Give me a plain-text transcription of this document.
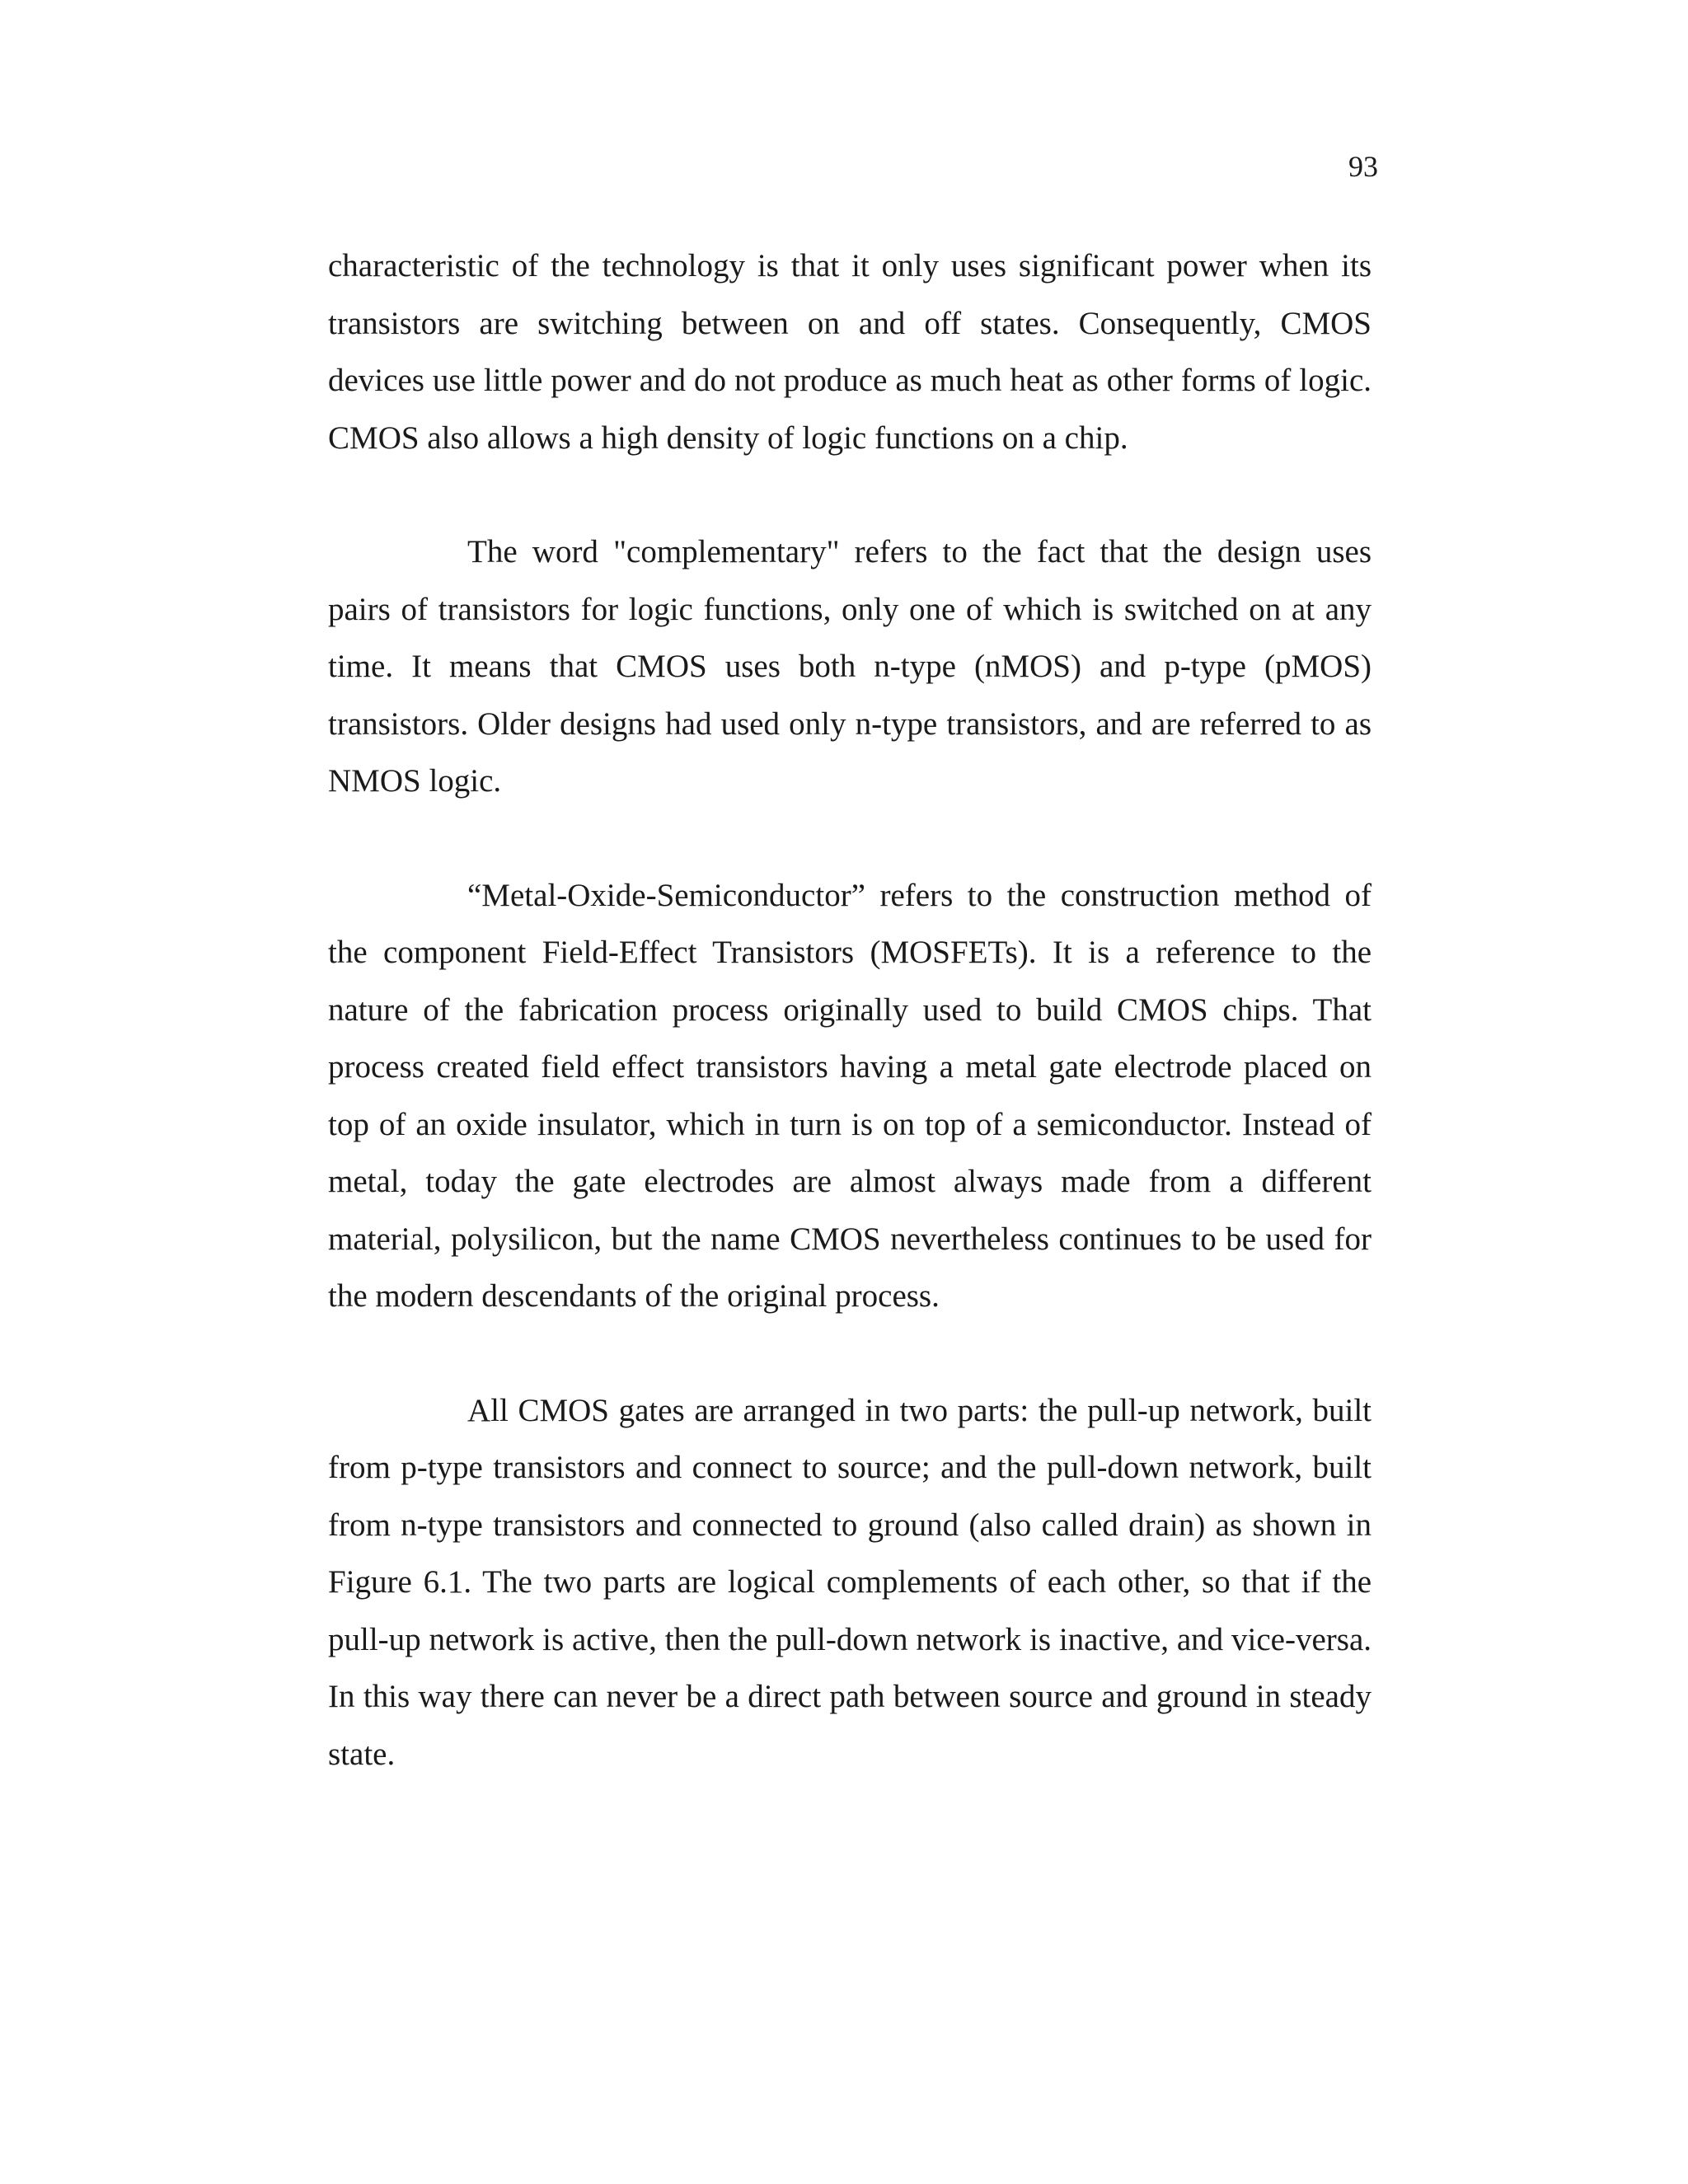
93

characteristic of the technology is that it only uses significant power when its transistors are switching between on and off states. Consequently, CMOS devices use little power and do not produce as much heat as other forms of logic. CMOS also allows a high density of logic functions on a chip.

The word "complementary" refers to the fact that the design uses pairs of transistors for logic functions, only one of which is switched on at any time. It means that CMOS uses both n-type (nMOS) and p-type (pMOS) transistors. Older designs had used only n-type transistors, and are referred to as NMOS logic.

“Metal-Oxide-Semiconductor” refers to the construction method of the component Field-Effect Transistors (MOSFETs). It is a reference to the nature of the fabrication process originally used to build CMOS chips. That process created field effect transistors having a metal gate electrode placed on top of an oxide insulator, which in turn is on top of a semiconductor. Instead of metal, today the gate electrodes are almost always made from a different material, polysilicon, but the name CMOS nevertheless continues to be used for the modern descendants of the original process.

All CMOS gates are arranged in two parts: the pull-up network, built from p-type transistors and connect to source; and the pull-down network, built from n-type transistors and connected to ground (also called drain) as shown in Figure 6.1. The two parts are logical complements of each other, so that if the pull-up network is active, then the pull-down network is inactive, and vice-versa. In this way there can never be a direct path between source and ground in steady state.
